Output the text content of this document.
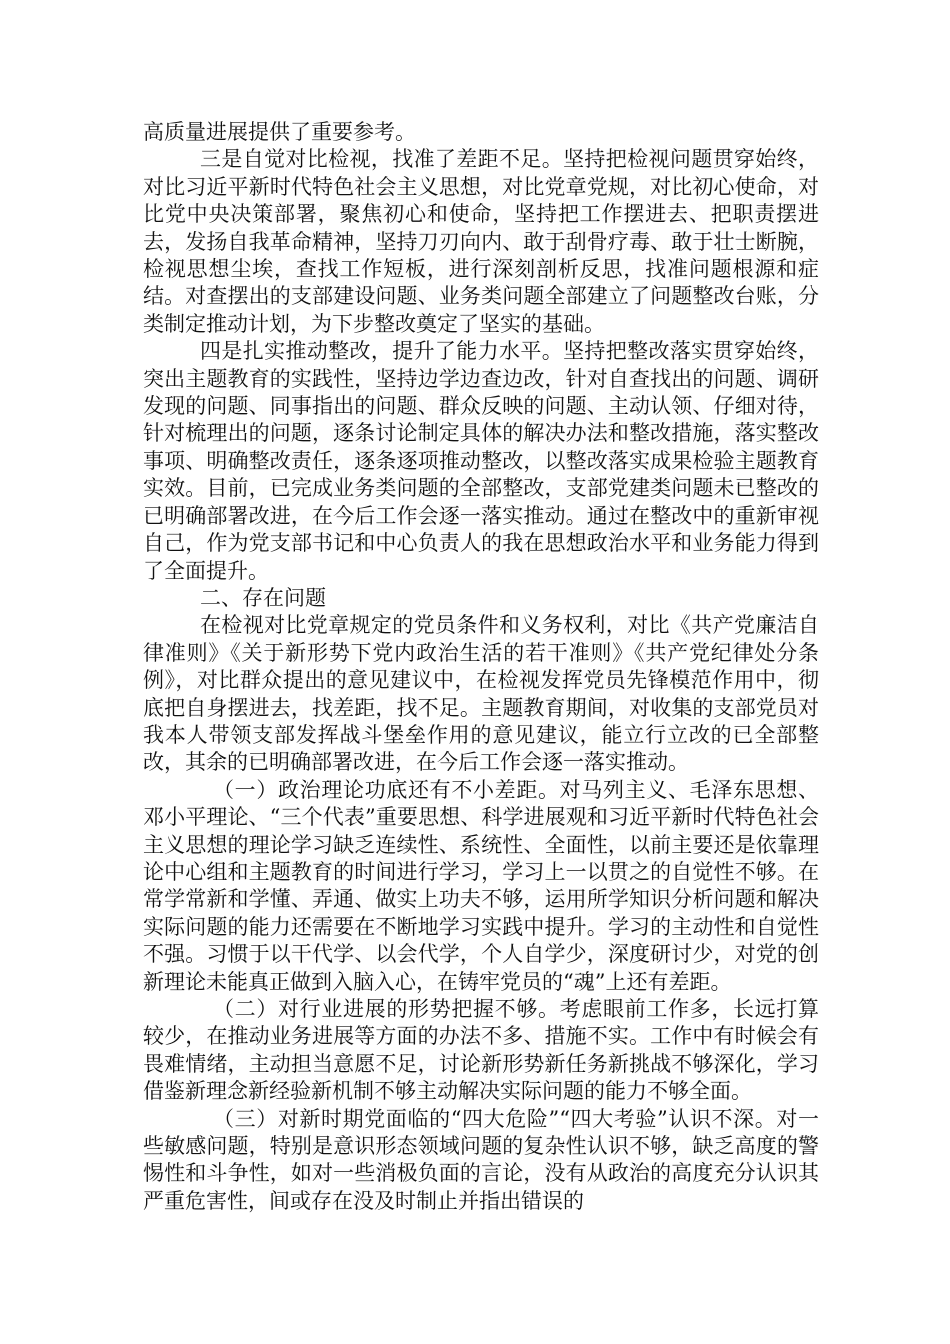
高质量进展提供了重要参考。

三是自觉对比检视，找准了差距不足。坚持把检视问题贯穿始终，对比习近平新时代特色社会主义思想，对比党章党规，对比初心使命，对比党中央决策部署，聚焦初心和使命，坚持把工作摆进去、把职责摆进去，发扬自我革命精神，坚持刀刃向内、敢于刮骨疗毒、敢于壮士断腕，检视思想尘埃，查找工作短板，进行深刻剖析反思，找准问题根源和症结。对查摆出的支部建设问题、业务类问题全部建立了问题整改台账，分类制定推动计划，为下步整改奠定了坚实的基础。

四是扎实推动整改，提升了能力水平。坚持把整改落实贯穿始终，突出主题教育的实践性，坚持边学边查边改，针对自查找出的问题、调研发现的问题、同事指出的问题、群众反映的问题、主动认领、仔细对待，针对梳理出的问题，逐条讨论制定具体的解决办法和整改措施，落实整改事项、明确整改责任，逐条逐项推动整改，以整改落实成果检验主题教育实效。目前，已完成业务类问题的全部整改，支部党建类问题未已整改的已明确部署改进，在今后工作会逐一落实推动。通过在整改中的重新审视自己，作为党支部书记和中心负责人的我在思想政治水平和业务能力得到了全面提升。

二、存在问题

在检视对比党章规定的党员条件和义务权利，对比《共产党廉洁自律准则》《关于新形势下党内政治生活的若干准则》《共产党纪律处分条例》，对比群众提出的意见建议中，在检视发挥党员先锋模范作用中，彻底把自身摆进去，找差距，找不足。主题教育期间，对收集的支部党员对我本人带领支部发挥战斗堡垒作用的意见建议，能立行立改的已全部整改，其余的已明确部署改进，在今后工作会逐一落实推动。

（一）政治理论功底还有不小差距。对马列主义、毛泽东思想、邓小平理论、“三个代表”重要思想、科学进展观和习近平新时代特色社会主义思想的理论学习缺乏连续性、系统性、全面性，以前主要还是依靠理论中心组和主题教育的时间进行学习，学习上一以贯之的自觉性不够。在常学常新和学懂、弄通、做实上功夫不够，运用所学知识分析问题和解决实际问题的能力还需要在不断地学习实践中提升。学习的主动性和自觉性不强。习惯于以干代学、以会代学，个人自学少，深度研讨少，对党的创新理论未能真正做到入脑入心，在铸牢党员的“魂”上还有差距。

（二）对行业进展的形势把握不够。考虑眼前工作多，长远打算较少，在推动业务进展等方面的办法不多、措施不实。工作中有时候会有畏难情绪，主动担当意愿不足，讨论新形势新任务新挑战不够深化，学习借鉴新理念新经验新机制不够主动解决实际问题的能力不够全面。

（三）对新时期党面临的“四大危险”“四大考验”认识不深。对一些敏感问题，特别是意识形态领域问题的复杂性认识不够，缺乏高度的警惕性和斗争性，如对一些消极负面的言论，没有从政治的高度充分认识其严重危害性，间或存在没及时制止并指出错误的
